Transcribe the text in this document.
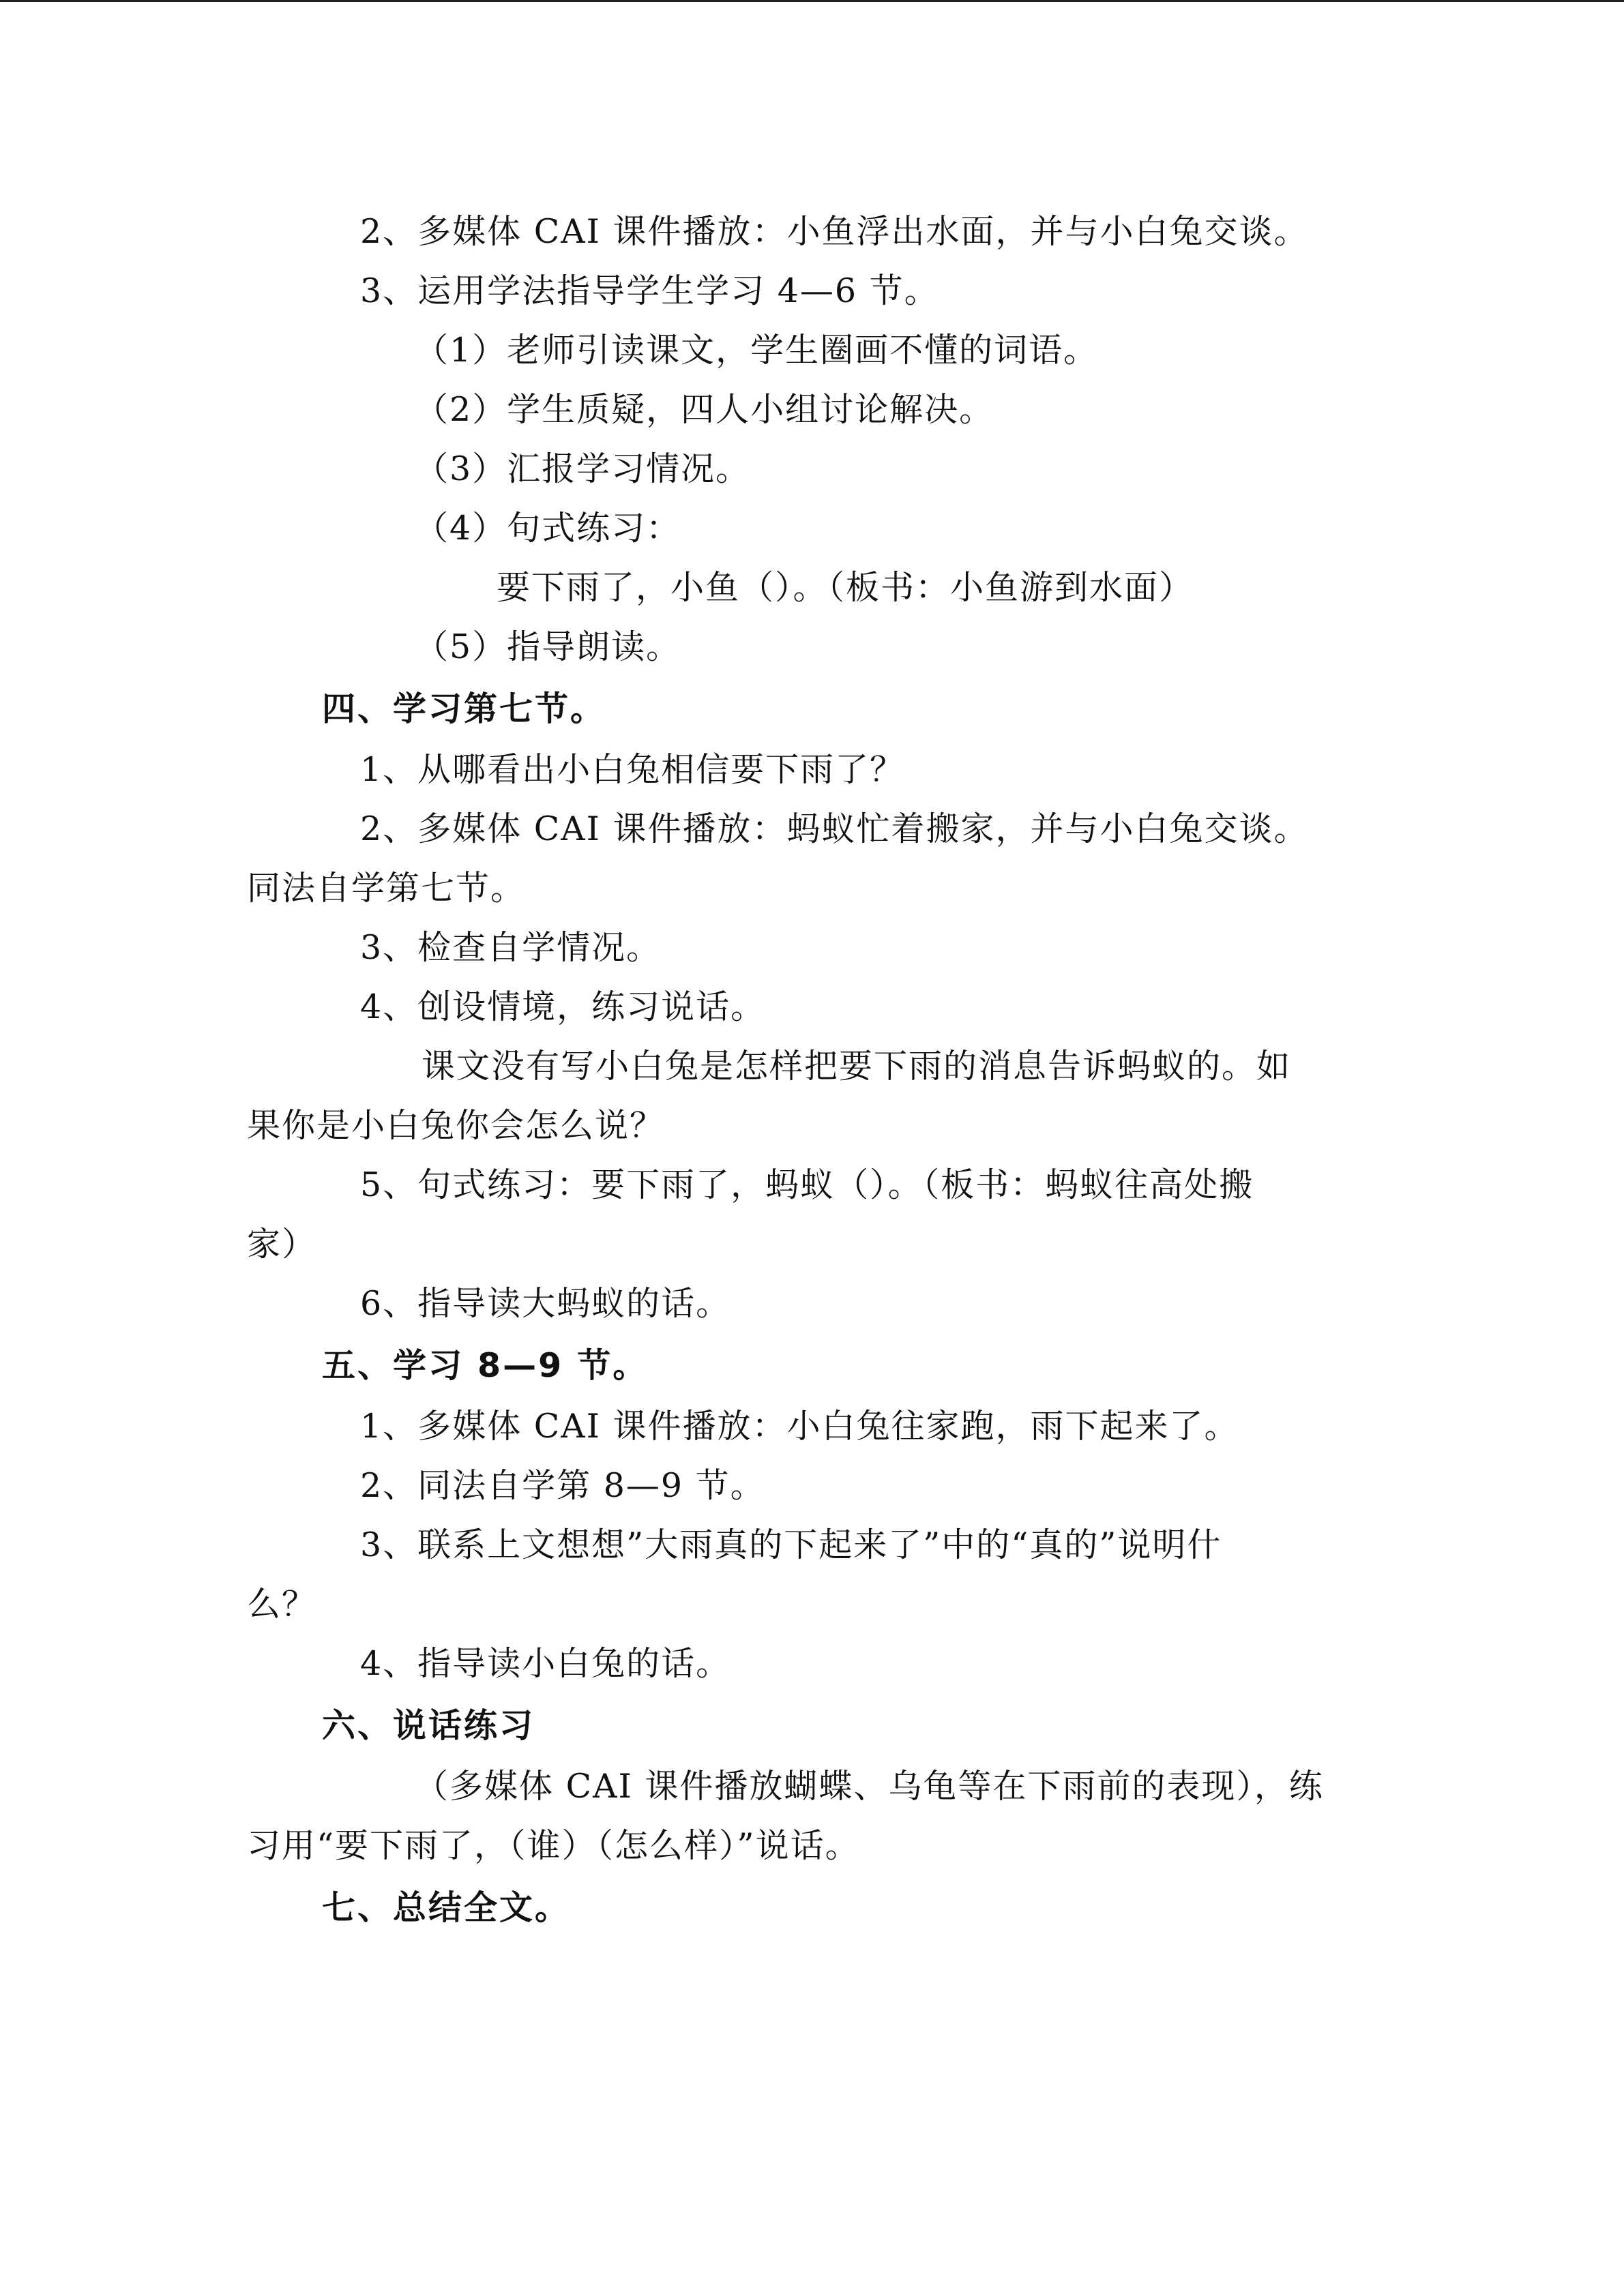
2、多媒体 CAI 课件播放：小鱼浮出水面，并与小白兔交谈。
3、运用学法指导学生学习 4—6 节。
（1）老师引读课文，学生圈画不懂的词语。
（2）学生质疑，四人小组讨论解决。
（3）汇报学习情况。
（4）句式练习：
要下雨了，小鱼（）。（板书：小鱼游到水面）
（5）指导朗读。
四、学习第七节。
1、从哪看出小白兔相信要下雨了？
2、多媒体 CAI 课件播放：蚂蚁忙着搬家，并与小白兔交谈。
同法自学第七节。
3、检查自学情况。
4、创设情境，练习说话。
课文没有写小白兔是怎样把要下雨的消息告诉蚂蚁的。如
果你是小白兔你会怎么说？
5、句式练习：要下雨了，蚂蚁（）。（板书：蚂蚁往高处搬
家）
6、指导读大蚂蚁的话。
五、学习 8—9 节。
1、多媒体 CAI 课件播放：小白兔往家跑，雨下起来了。
2、同法自学第 8—9 节。
3、联系上文想想”大雨真的下起来了”中的“真的”说明什
么？
4、指导读小白兔的话。
六、说话练习
（多媒体 CAI 课件播放蝴蝶、乌龟等在下雨前的表现），练
习用“要下雨了，（谁）（怎么样）”说话。
七、总结全文。
